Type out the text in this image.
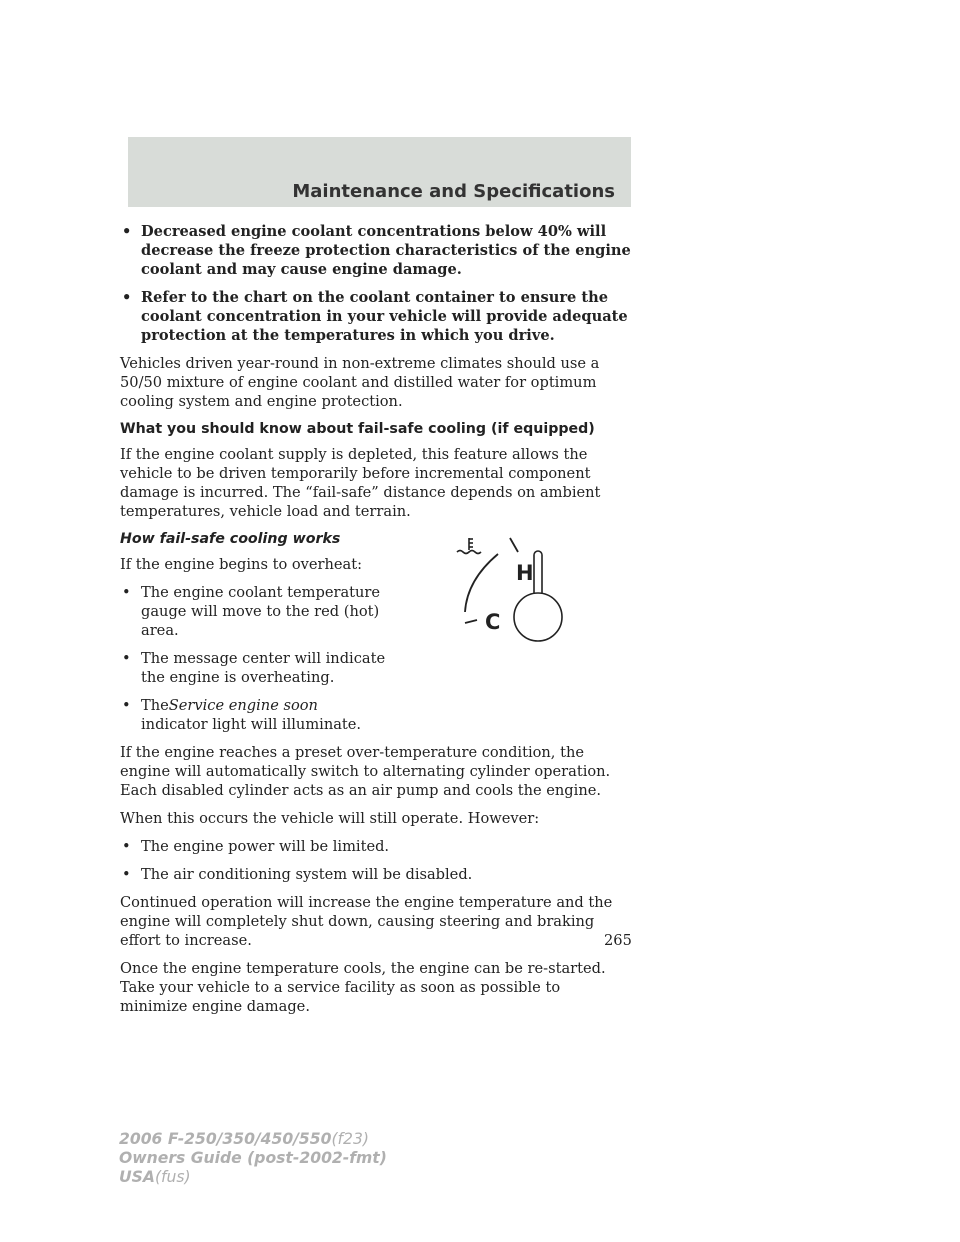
Maintenance and Specifications
• Decreased engine coolant concentrations below 40% will decrease the freeze protection characteristics of the engine coolant and may cause engine damage.
• Refer to the chart on the coolant container to ensure the coolant concentration in your vehicle will provide adequate protection at the temperatures in which you drive.

Vehicles driven year-round in non-extreme climates should use a 50/50 mixture of engine coolant and distilled water for optimum cooling system and engine protection.

What you should know about fail-safe cooling (if equipped)

If the engine coolant supply is depleted, this feature allows the vehicle to be driven temporarily before incremental component damage is incurred. The “fail-safe” distance depends on ambient temperatures, vehicle load and terrain.

How fail-safe cooling works

If the engine begins to overheat:

• The engine coolant temperature gauge will move to the red (hot) area.
• The message center will indicate the engine is overheating.
• TheService engine soon
indicator light will illuminate.

If the engine reaches a preset over-temperature condition, the engine will automatically switch to alternating cylinder operation. Each disabled cylinder acts as an air pump and cools the engine.

When this occurs the vehicle will still operate. However:

• The engine power will be limited.
• The air conditioning system will be disabled.

Continued operation will increase the engine temperature and the engine will completely shut down, causing steering and braking effort to increase.

Once the engine temperature cools, the engine can be re-started. Take your vehicle to a service facility as soon as possible to minimize engine damage.

H
C
265
2006 F-250/350/450/550(f23)
Owners Guide (post-2002-fmt)
USA(fus)
